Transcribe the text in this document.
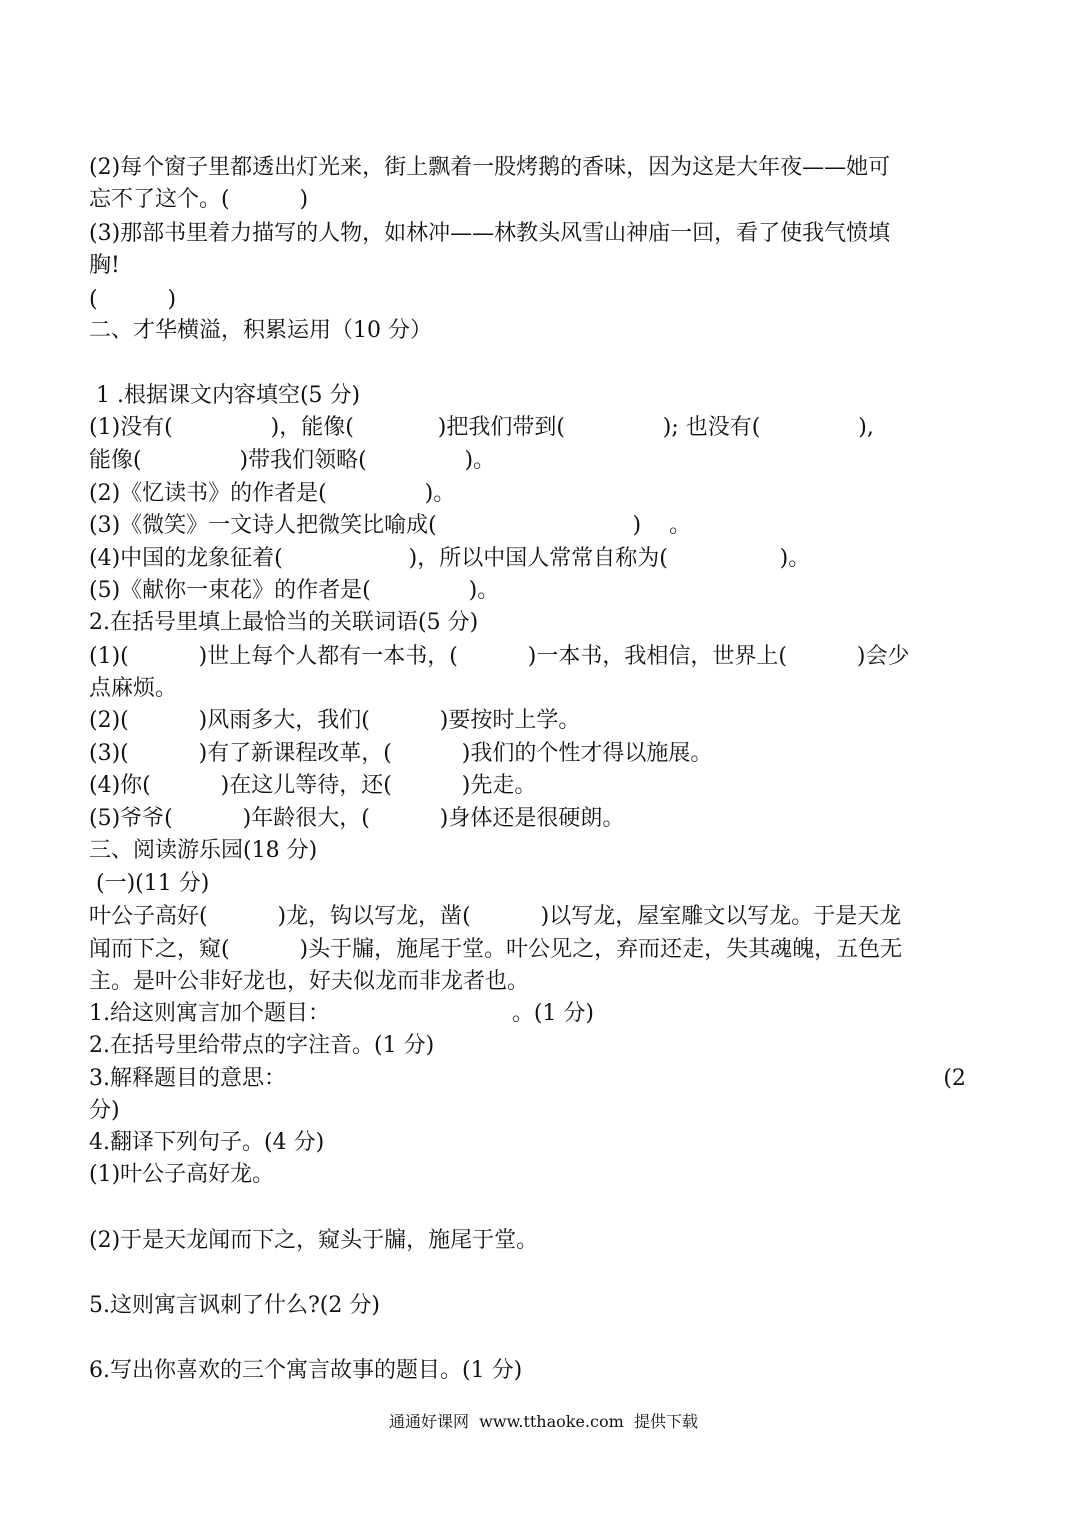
(2)每个窗子里都透出灯光来，街上飘着一股烤鹅的香味，因为这是大年夜——她可
忘不了这个。(          )
(3)那部书里着力描写的人物，如林冲——林教头风雪山神庙一回，看了使我气愤填
胸!
(          )
二、才华横溢，积累运用（10 分）
1 .根据课文内容填空(5 分)
(1)没有(              )，能像(            )把我们带到(              ); 也没有(              ),
能像(              )带我们领略(              )。
(2)《忆读书》的作者是(              )。
(3)《微笑》一文诗人把微笑比喻成(                            )    。
(4)中国的龙象征着(                  )，所以中国人常常自称为(                )。
(5)《献你一束花》的作者是(              )。
2.在括号里填上最恰当的关联词语(5 分)
(1)(          )世上每个人都有一本书，(          )一本书，我相信，世界上(          )会少
点麻烦。
(2)(          )风雨多大，我们(          )要按时上学。
(3)(          )有了新课程改革，(          )我们的个性才得以施展。
(4)你(          )在这儿等待，还(          )先走。
(5)爷爷(          )年龄很大，(          )身体还是很硬朗。
三、阅读游乐园(18 分)
(一)(11 分)
叶公子高好(          )龙，钩以写龙，凿(          )以写龙，屋室雕文以写龙。于是天龙
闻而下之，窥(          )头于牖，施尾于堂。叶公见之，弃而还走，失其魂魄，五色无
主。是叶公非好龙也，好夫似龙而非龙者也。
1.给这则寓言加个题目：                          。(1 分)
2.在括号里给带点的字注音。(1 分)
3.解释题目的意思：                                                                                              (2
分)
4.翻译下列句子。(4 分)
(1)叶公子高好龙。
(2)于是天龙闻而下之，窥头于牖，施尾于堂。
5.这则寓言讽刺了什么?(2 分)
6.写出你喜欢的三个寓言故事的题目。(1 分)
通通好课网  www.tthaoke.com  提供下载
